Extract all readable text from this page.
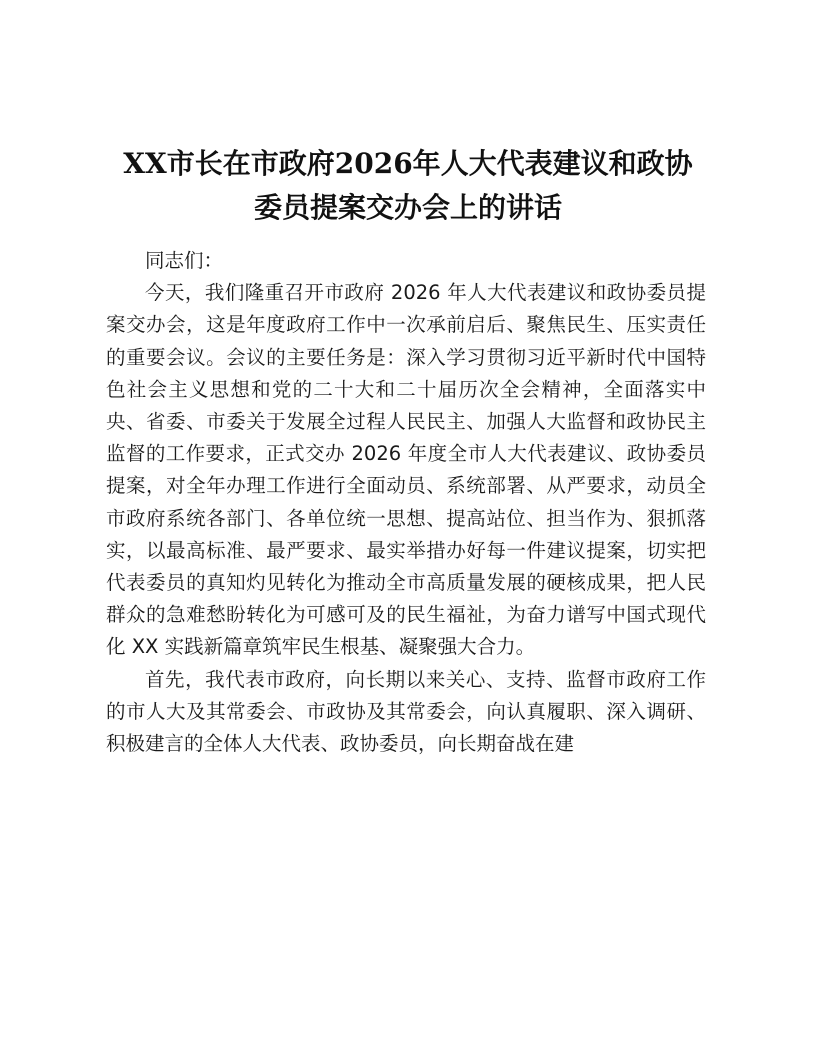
XX市长在市政府2026年人大代表建议和政协
委员提案交办会上的讲话

同志们：

今天，我们隆重召开市政府 2026 年人大代表建议和政协委员提案交办会，这是年度政府工作中一次承前启后、聚焦民生、压实责任的重要会议。会议的主要任务是：深入学习贯彻习近平新时代中国特色社会主义思想和党的二十大和二十届历次全会精神，全面落实中央、省委、市委关于发展全过程人民民主、加强人大监督和政协民主监督的工作要求，正式交办 2026 年度全市人大代表建议、政协委员提案，对全年办理工作进行全面动员、系统部署、从严要求，动员全市政府系统各部门、各单位统一思想、提高站位、担当作为、狠抓落实，以最高标准、最严要求、最实举措办好每一件建议提案，切实把代表委员的真知灼见转化为推动全市高质量发展的硬核成果，把人民群众的急难愁盼转化为可感可及的民生福祉，为奋力谱写中国式现代化 XX 实践新篇章筑牢民生根基、凝聚强大合力。

首先，我代表市政府，向长期以来关心、支持、监督市政府工作的市人大及其常委会、市政协及其常委会，向认真履职、深入调研、积极建言的全体人大代表、政协委员，向长期奋战在建
